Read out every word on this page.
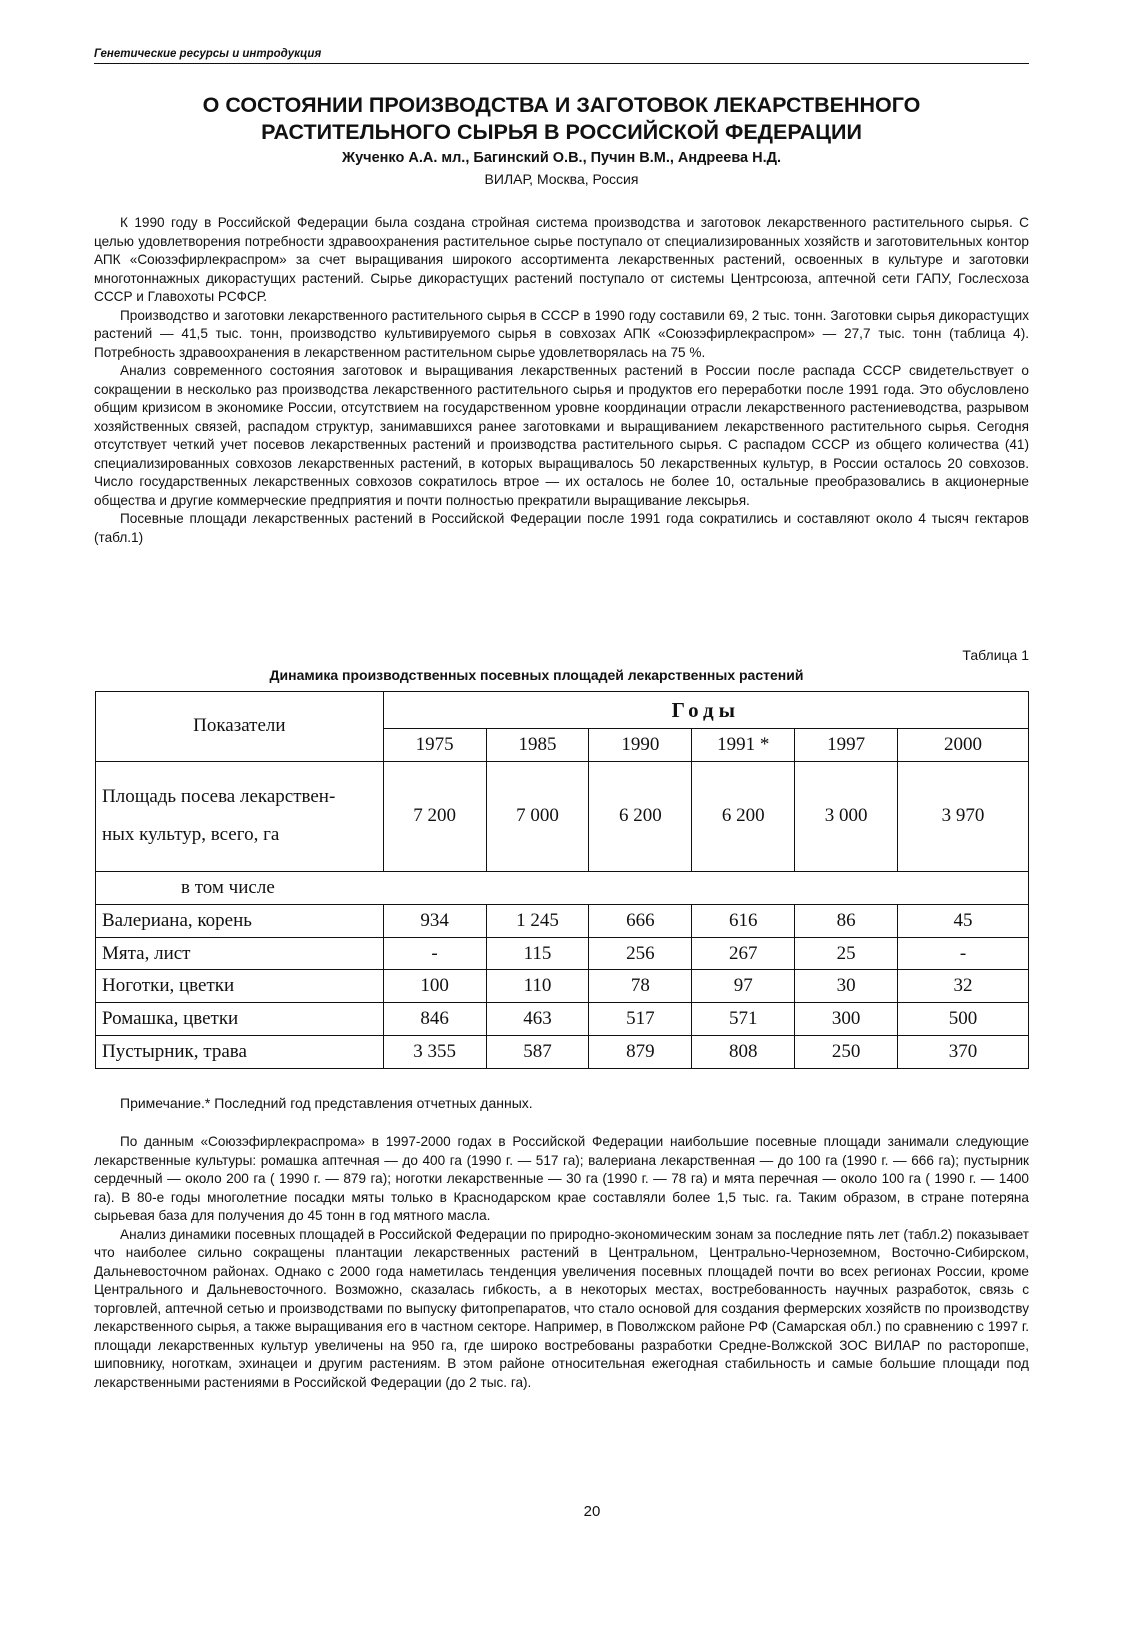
Генетические ресурсы и интродукция
О СОСТОЯНИИ ПРОИЗВОДСТВА И ЗАГОТОВОК ЛЕКАРСТВЕННОГО
РАСТИТЕЛЬНОГО СЫРЬЯ В РОССИЙСКОЙ ФЕДЕРАЦИИ

Жученко А.А. мл., Багинский О.В., Пучин В.М., Андреева Н.Д.

ВИЛАР, Москва, Россия

К 1990 году в Российской Федерации была создана стройная система производства и заготовок лекарственного растительного сырья. С целью удовлетворения потребности здравоохранения растительное сырье поступало от специализированных хозяйств и заготовительных контор АПК «Союзэфирлекраспром» за счет выращивания широкого ассортимента лекарственных растений, освоенных в культуре и заготовки многотоннажных дикорастущих растений. Сырье дикорастущих растений поступало от системы Центрсоюза, аптечной сети ГАПУ, Гослесхоза СССР и Главохоты РСФСР.

Производство и заготовки лекарственного растительного сырья в СССР в 1990 году составили 69, 2 тыс. тонн. Заготовки сырья дикорастущих растений — 41,5 тыс. тонн, производство культивируемого сырья в совхозах АПК «Союзэфирлекраспром» — 27,7 тыс. тонн (таблица 4). Потребность здравоохранения в лекарственном растительном сырье удовлетворялась на 75 %.

Анализ современного состояния заготовок и выращивания лекарственных растений в России после распада СССР свидетельствует о сокращении в несколько раз производства лекарственного растительного сырья и продуктов его переработки после 1991 года. Это обусловлено общим кризисом в экономике России, отсутствием на государственном уровне координации отрасли лекарственного растениеводства, разрывом хозяйственных связей, распадом структур, занимавшихся ранее заготовками и выращиванием лекарственного растительного сырья. Сегодня отсутствует четкий учет посевов лекарственных растений и производства растительного сырья. С распадом СССР из общего количества (41) специализированных совхозов лекарственных растений, в которых выращивалось 50 лекарственных культур, в России осталось 20 совхозов. Число государственных лекарственных совхозов сократилось втрое — их осталось не более 10, остальные преобразовались в акционерные общества и другие коммерческие предприятия и почти полностью прекратили выращивание лексырья.

Посевные площади лекарственных растений в Российской Федерации после 1991 года сократились и составляют около 4 тысяч гектаров (табл.1)

Таблица 1
Динамика производственных посевных площадей лекарственных растений
Показатели	Годы					
	1975	1985	1990	1991 *	1997	2000
Площадь посева лекарствен-
ных культур, всего, га	7 200	7 000	6 200	6 200	3 000	3 970
в том числе						
Валериана, корень	934	1 245	666	616	86	45
Мята, лист	-	115	256	267	25	-
Ноготки, цветки	100	110	78	97	30	32
Ромашка, цветки	846	463	517	571	300	500
Пустырник, трава	3 355	587	879	808	250	370

Примечание.* Последний год представления отчетных данных.

По данным «Союзэфирлекраспрома» в 1997-2000 годах в Российской Федерации наибольшие посевные площади занимали следующие лекарственные культуры: ромашка аптечная — до 400 га (1990 г. — 517 га); валериана лекарственная — до 100 га (1990 г. — 666 га); пустырник сердечный — около 200 га ( 1990 г. — 879 га); ноготки лекарственные — 30 га (1990 г. — 78 га) и мята перечная — около 100 га ( 1990 г. — 1400 га). В 80-е годы многолетние посадки мяты только в Краснодарском крае составляли более 1,5 тыс. га. Таким образом, в стране потеряна сырьевая база для получения до 45 тонн в год мятного масла.

Анализ динамики посевных площадей в Российской Федерации по природно-экономическим зонам за последние пять лет (табл.2) показывает что наиболее сильно сокращены плантации лекарственных растений в Центральном, Центрально-Черноземном, Восточно-Сибирском, Дальневосточном районах. Однако с 2000 года наметилась тенденция увеличения посевных площадей почти во всех регионах России, кроме Центрального и Дальневосточного. Возможно, сказалась гибкость, а в некоторых местах, востребованность научных разработок, связь с торговлей, аптечной сетью и производствами по выпуску фитопрепаратов, что стало основой для создания фермерских хозяйств по производству лекарственного сырья, а также выращивания его в частном секторе. Например, в Поволжском районе РФ (Самарская обл.) по сравнению с 1997 г. площади лекарственных культур увеличены на 950 га, где широко востребованы разработки Средне-Волжской ЗОС ВИЛАР по расторопше, шиповнику, ноготкам, эхинацеи и другим растениям. В этом районе относительная ежегодная стабильность и самые большие площади под лекарственными растениями в Российской Федерации (до 2 тыс. га).

20
